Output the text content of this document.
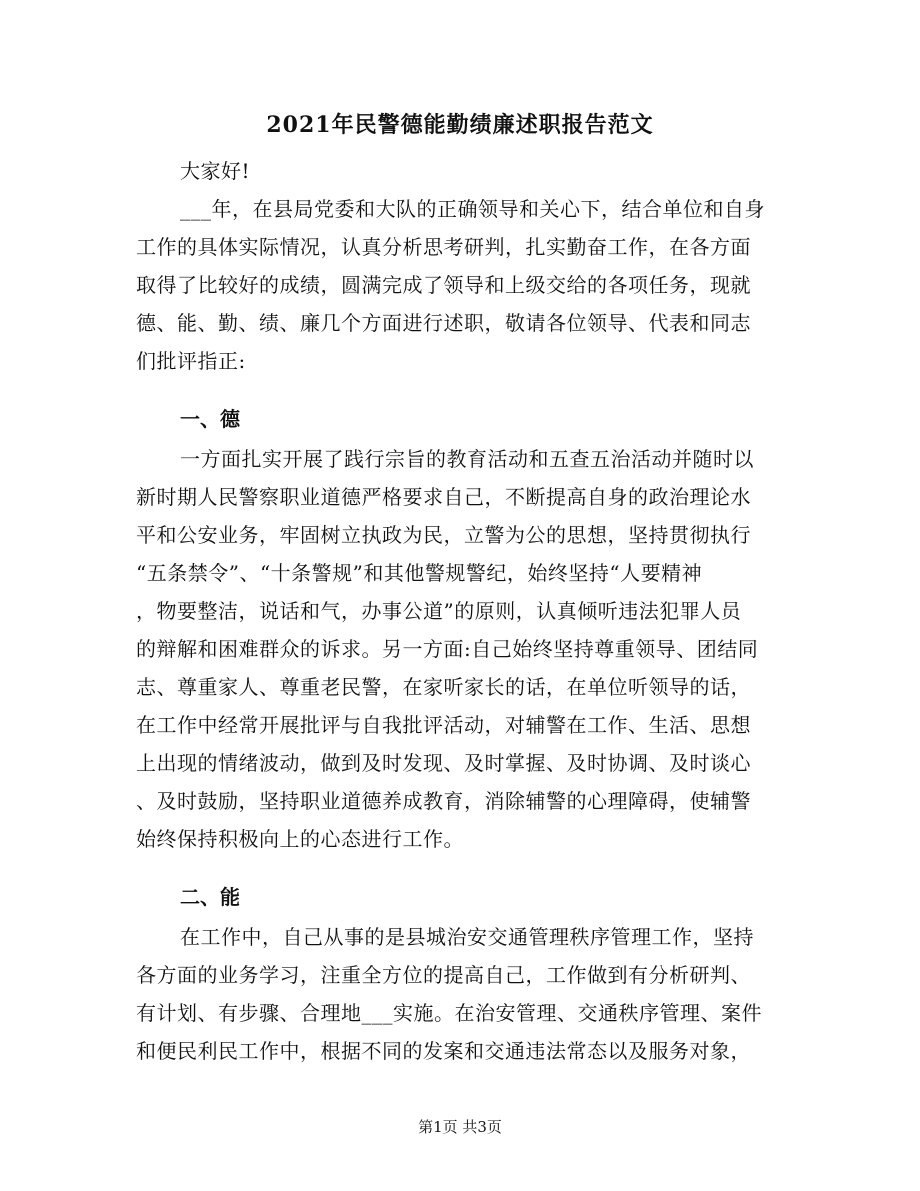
2021年民警德能勤绩廉述职报告范文

大家好!

___年，在县局党委和大队的正确领导和关心下，结合单位和自身

工作的具体实际情况，认真分析思考研判，扎实勤奋工作，在各方面

取得了比较好的成绩，圆满完成了领导和上级交给的各项任务，现就

德、能、勤、绩、廉几个方面进行述职，敬请各位领导、代表和同志

们批评指正:

一、德

一方面扎实开展了践行宗旨的教育活动和五查五治活动并随时以

新时期人民警察职业道德严格要求自己，不断提高自身的政治理论水

平和公安业务，牢固树立执政为民，立警为公的思想，坚持贯彻执行

“五条禁令”、“十条警规”和其他警规警纪，始终坚持“人要精神

，物要整洁，说话和气，办事公道”的原则，认真倾听违法犯罪人员

的辩解和困难群众的诉求。另一方面:自己始终坚持尊重领导、团结同

志、尊重家人、尊重老民警，在家听家长的话，在单位听领导的话，

在工作中经常开展批评与自我批评活动，对辅警在工作、生活、思想

上出现的情绪波动，做到及时发现、及时掌握、及时协调、及时谈心

、及时鼓励，坚持职业道德养成教育，消除辅警的心理障碍，使辅警

始终保持积极向上的心态进行工作。

二、能

在工作中，自己从事的是县城治安交通管理秩序管理工作，坚持

各方面的业务学习，注重全方位的提高自己，工作做到有分析研判、

有计划、有步骤、合理地___实施。在治安管理、交通秩序管理、案件

和便民利民工作中，根据不同的发案和交通违法常态以及服务对象，

第1页 共3页
